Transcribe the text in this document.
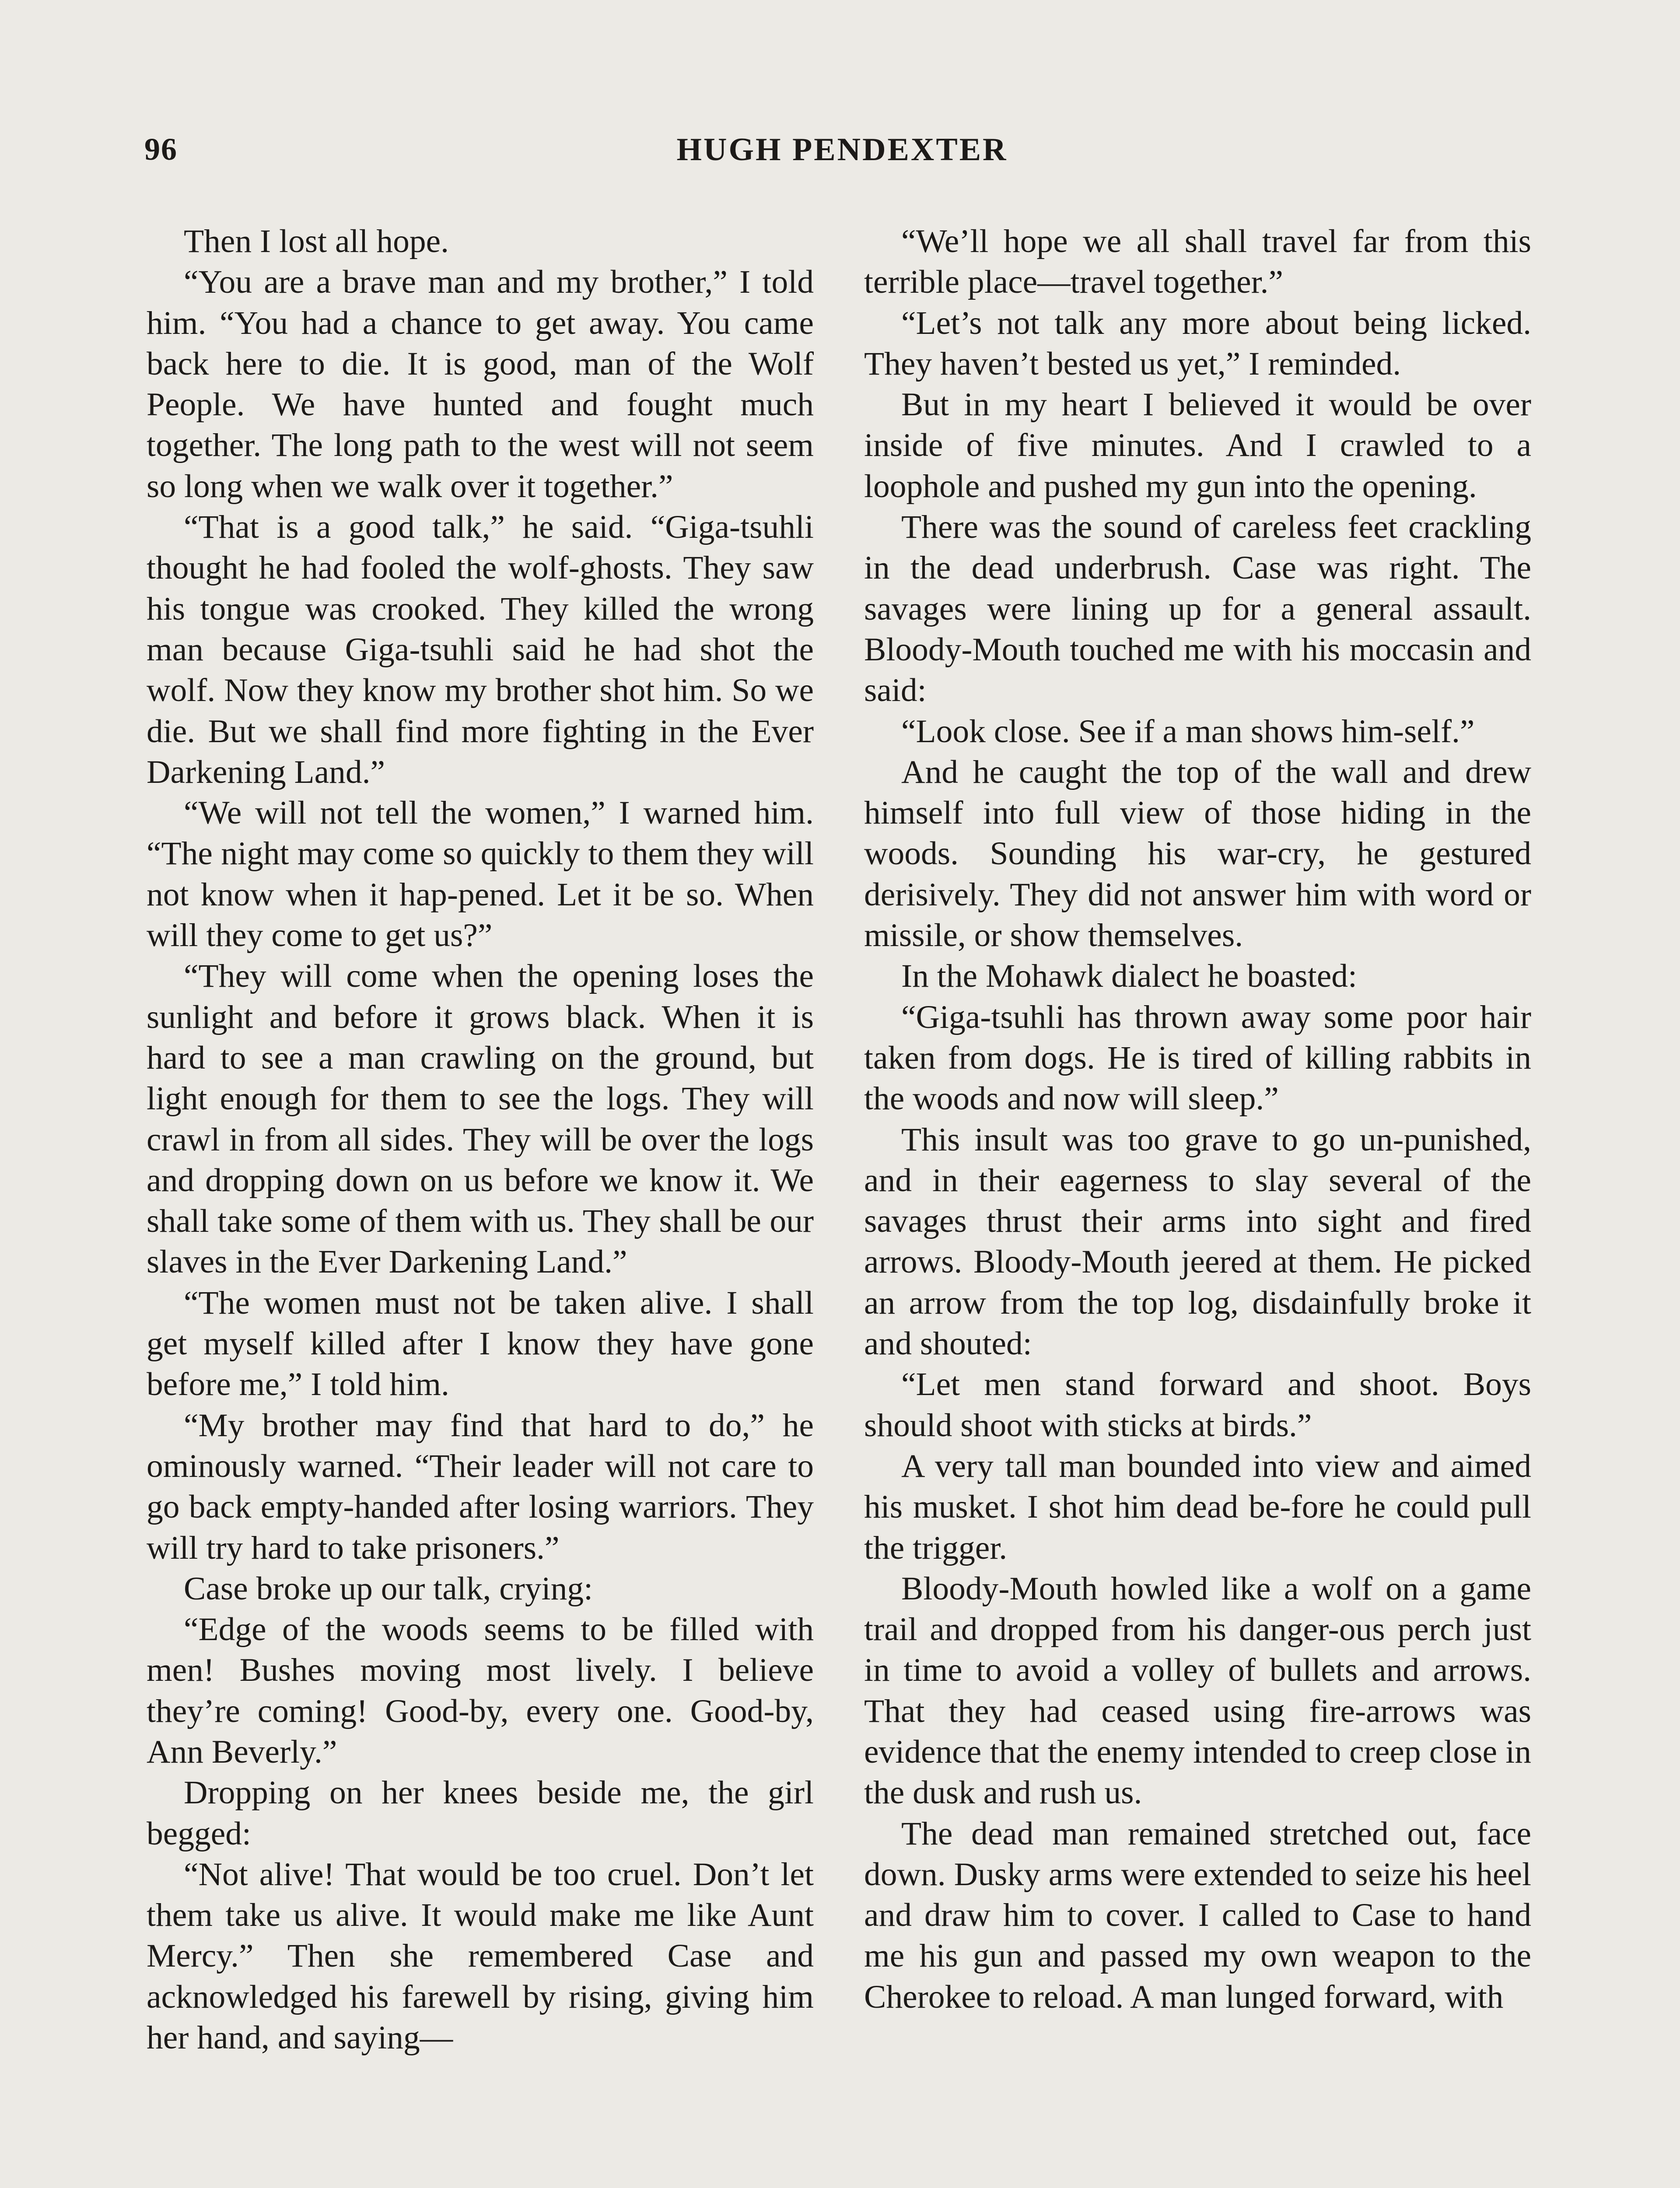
96	HUGH PENDEXTER

Then I lost all hope.

“You are a brave man and my brother,” I told him. “You had a chance to get away. You came back here to die. It is good, man of the Wolf People. We have hunted and fought much together. The long path to the west will not seem so long when we walk over it together.”

“That is a good talk,” he said. “Giga-tsuhli thought he had fooled the wolf-ghosts. They saw his tongue was crooked. They killed the wrong man because Giga-tsuhli said he had shot the wolf. Now they know my brother shot him. So we die. But we shall find more fighting in the Ever Darkening Land.”

“We will not tell the women,” I warned him. “The night may come so quickly to them they will not know when it hap-pened. Let it be so. When will they come to get us?”

“They will come when the opening loses the sunlight and before it grows black. When it is hard to see a man crawling on the ground, but light enough for them to see the logs. They will crawl in from all sides. They will be over the logs and dropping down on us before we know it. We shall take some of them with us. They shall be our slaves in the Ever Darkening Land.”

“The women must not be taken alive. I shall get myself killed after I know they have gone before me,” I told him.

“My brother may find that hard to do,” he ominously warned. “Their leader will not care to go back empty-handed after losing warriors. They will try hard to take prisoners.”

Case broke up our talk, crying:

“Edge of the woods seems to be filled with men! Bushes moving most lively. I believe they’re coming! Good-by, every one. Good-by, Ann Beverly.”

Dropping on her knees beside me, the girl begged:

“Not alive! That would be too cruel. Don’t let them take us alive. It would make me like Aunt Mercy.” Then she remembered Case and acknowledged his farewell by rising, giving him her hand, and saying—

“We’ll hope we all shall travel far from this terrible place—travel together.”

“Let’s not talk any more about being licked. They haven’t bested us yet,” I reminded.

But in my heart I believed it would be over inside of five minutes. And I crawled to a loophole and pushed my gun into the opening.

There was the sound of careless feet crackling in the dead underbrush. Case was right. The savages were lining up for a general assault. Bloody-Mouth touched me with his moccasin and said:

“Look close. See if a man shows him-self.”

And he caught the top of the wall and drew himself into full view of those hiding in the woods. Sounding his war-cry, he gestured derisively. They did not answer him with word or missile, or show themselves.

In the Mohawk dialect he boasted:

“Giga-tsuhli has thrown away some poor hair taken from dogs. He is tired of killing rabbits in the woods and now will sleep.”

This insult was too grave to go un-punished, and in their eagerness to slay several of the savages thrust their arms into sight and fired arrows. Bloody-Mouth jeered at them. He picked an arrow from the top log, disdainfully broke it and shouted:

“Let men stand forward and shoot. Boys should shoot with sticks at birds.”

A very tall man bounded into view and aimed his musket. I shot him dead be-fore he could pull the trigger.

Bloody-Mouth howled like a wolf on a game trail and dropped from his danger-ous perch just in time to avoid a volley of bullets and arrows. That they had ceased using fire-arrows was evidence that the enemy intended to creep close in the dusk and rush us.

The dead man remained stretched out, face down. Dusky arms were extended to seize his heel and draw him to cover. I called to Case to hand me his gun and passed my own weapon to the Cherokee to reload. A man lunged forward, with
